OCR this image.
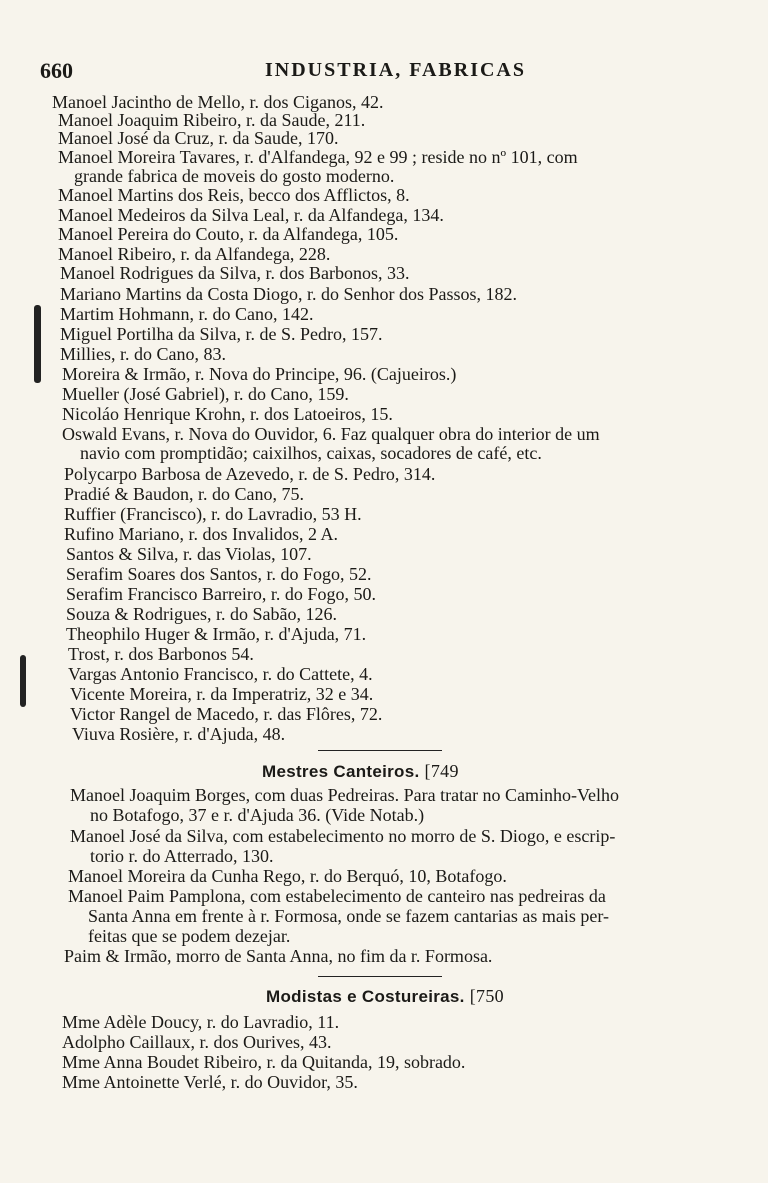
660	INDUSTRIA, FABRICAS
Manoel Jacintho de Mello, r. dos Ciganos, 42.
Manoel Joaquim Ribeiro, r. da Saude, 211.
Manoel José da Cruz, r. da Saude, 170.
Manoel Moreira Tavares, r. d'Alfandega, 92 e 99 ; reside no nº 101, com
grande fabrica de moveis do gosto moderno.
Manoel Martins dos Reis, becco dos Afflictos, 8.
Manoel Medeiros da Silva Leal, r. da Alfandega, 134.
Manoel Pereira do Couto, r. da Alfandega, 105.
Manoel Ribeiro, r. da Alfandega, 228.
Manoel Rodrigues da Silva, r. dos Barbonos, 33.
Mariano Martins da Costa Diogo, r. do Senhor dos Passos, 182.
Martim Hohmann, r. do Cano, 142.
Miguel Portilha da Silva, r. de S. Pedro, 157.
Millies, r. do Cano, 83.
Moreira & Irmão, r. Nova do Principe, 96. (Cajueiros.)
Mueller (José Gabriel), r. do Cano, 159.
Nicoláo Henrique Krohn, r. dos Latoeiros, 15.
Oswald Evans, r. Nova do Ouvidor, 6. Faz qualquer obra do interior de um
navio com promptidão; caixilhos, caixas, socadores de café, etc.
Polycarpo Barbosa de Azevedo, r. de S. Pedro, 314.
Pradié & Baudon, r. do Cano, 75.
Ruffier (Francisco), r. do Lavradio, 53 H.
Rufino Mariano, r. dos Invalidos, 2 A.
Santos & Silva, r. das Violas, 107.
Serafim Soares dos Santos, r. do Fogo, 52.
Serafim Francisco Barreiro, r. do Fogo, 50.
Souza & Rodrigues, r. do Sabão, 126.
Theophilo Huger & Irmão, r. d'Ajuda, 71.
Trost, r. dos Barbonos 54.
Vargas Antonio Francisco, r. do Cattete, 4.
Vicente Moreira, r. da Imperatriz, 32 e 34.
Victor Rangel de Macedo, r. das Flôres, 72.
Viuva Rosière, r. d'Ajuda, 48.
Mestres Canteiros. [749
Manoel Joaquim Borges, com duas Pedreiras. Para tratar no Caminho-Velho
no Botafogo, 37 e r. d'Ajuda 36. (Vide Notab.)
Manoel José da Silva, com estabelecimento no morro de S. Diogo, e escrip-
torio r. do Atterrado, 130.
Manoel Moreira da Cunha Rego, r. do Berquó, 10, Botafogo.
Manoel Paim Pamplona, com estabelecimento de canteiro nas pedreiras da
Santa Anna em frente à r. Formosa, onde se fazem cantarias as mais per-
feitas que se podem dezejar.
Paim & Irmão, morro de Santa Anna, no fim da r. Formosa.
Modistas e Costureiras. [750
Mme Adèle Doucy, r. do Lavradio, 11.
Adolpho Caillaux, r. dos Ourives, 43.
Mme Anna Boudet Ribeiro, r. da Quitanda, 19, sobrado.
Mme Antoinette Verlé, r. do Ouvidor, 35.
